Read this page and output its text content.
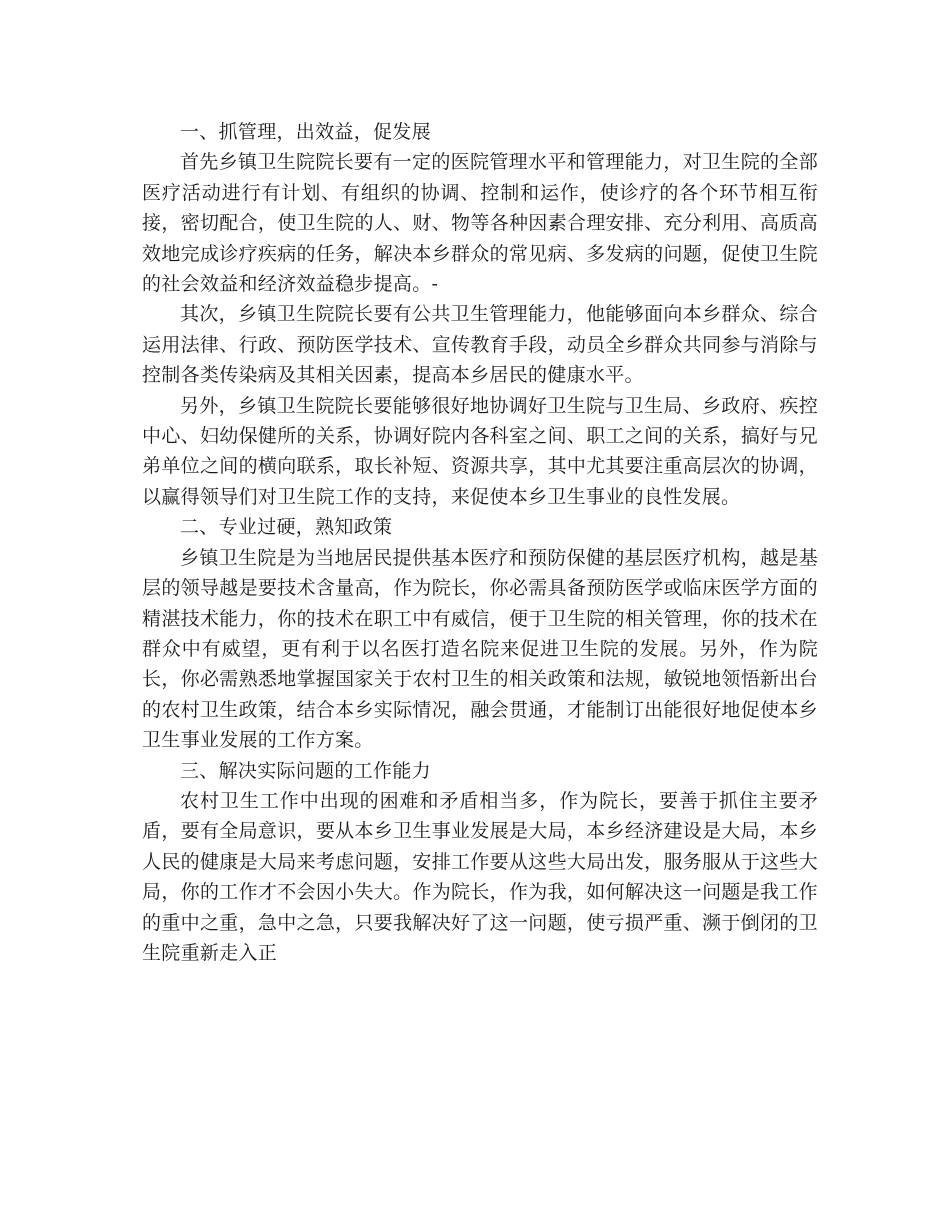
一、抓管理，出效益，促发展

首先乡镇卫生院院长要有一定的医院管理水平和管理能力，对卫生院的全部医疗活动进行有计划、有组织的协调、控制和运作，使诊疗的各个环节相互衔接，密切配合，使卫生院的人、财、物等各种因素合理安排、充分利用、高质高效地完成诊疗疾病的任务，解决本乡群众的常见病、多发病的问题，促使卫生院的社会效益和经济效益稳步提高。-

其次，乡镇卫生院院长要有公共卫生管理能力，他能够面向本乡群众、综合运用法律、行政、预防医学技术、宣传教育手段，动员全乡群众共同参与消除与控制各类传染病及其相关因素，提高本乡居民的健康水平。

另外，乡镇卫生院院长要能够很好地协调好卫生院与卫生局、乡政府、疾控中心、妇幼保健所的关系，协调好院内各科室之间、职工之间的关系，搞好与兄弟单位之间的横向联系，取长补短、资源共享，其中尤其要注重高层次的协调，以赢得领导们对卫生院工作的支持，来促使本乡卫生事业的良性发展。

二、专业过硬，熟知政策

乡镇卫生院是为当地居民提供基本医疗和预防保健的基层医疗机构，越是基层的领导越是要技术含量高，作为院长，你必需具备预防医学或临床医学方面的精湛技术能力，你的技术在职工中有威信，便于卫生院的相关管理，你的技术在群众中有威望，更有利于以名医打造名院来促进卫生院的发展。另外，作为院长，你必需熟悉地掌握国家关于农村卫生的相关政策和法规，敏锐地领悟新出台的农村卫生政策，结合本乡实际情况，融会贯通，才能制订出能很好地促使本乡卫生事业发展的工作方案。

三、解决实际问题的工作能力

农村卫生工作中出现的困难和矛盾相当多，作为院长，要善于抓住主要矛盾，要有全局意识，要从本乡卫生事业发展是大局，本乡经济建设是大局，本乡人民的健康是大局来考虑问题，安排工作要从这些大局出发，服务服从于这些大局，你的工作才不会因小失大。作为院长，作为我，如何解决这一问题是我工作的重中之重，急中之急，只要我解决好了这一问题，使亏损严重、濒于倒闭的卫生院重新走入正
